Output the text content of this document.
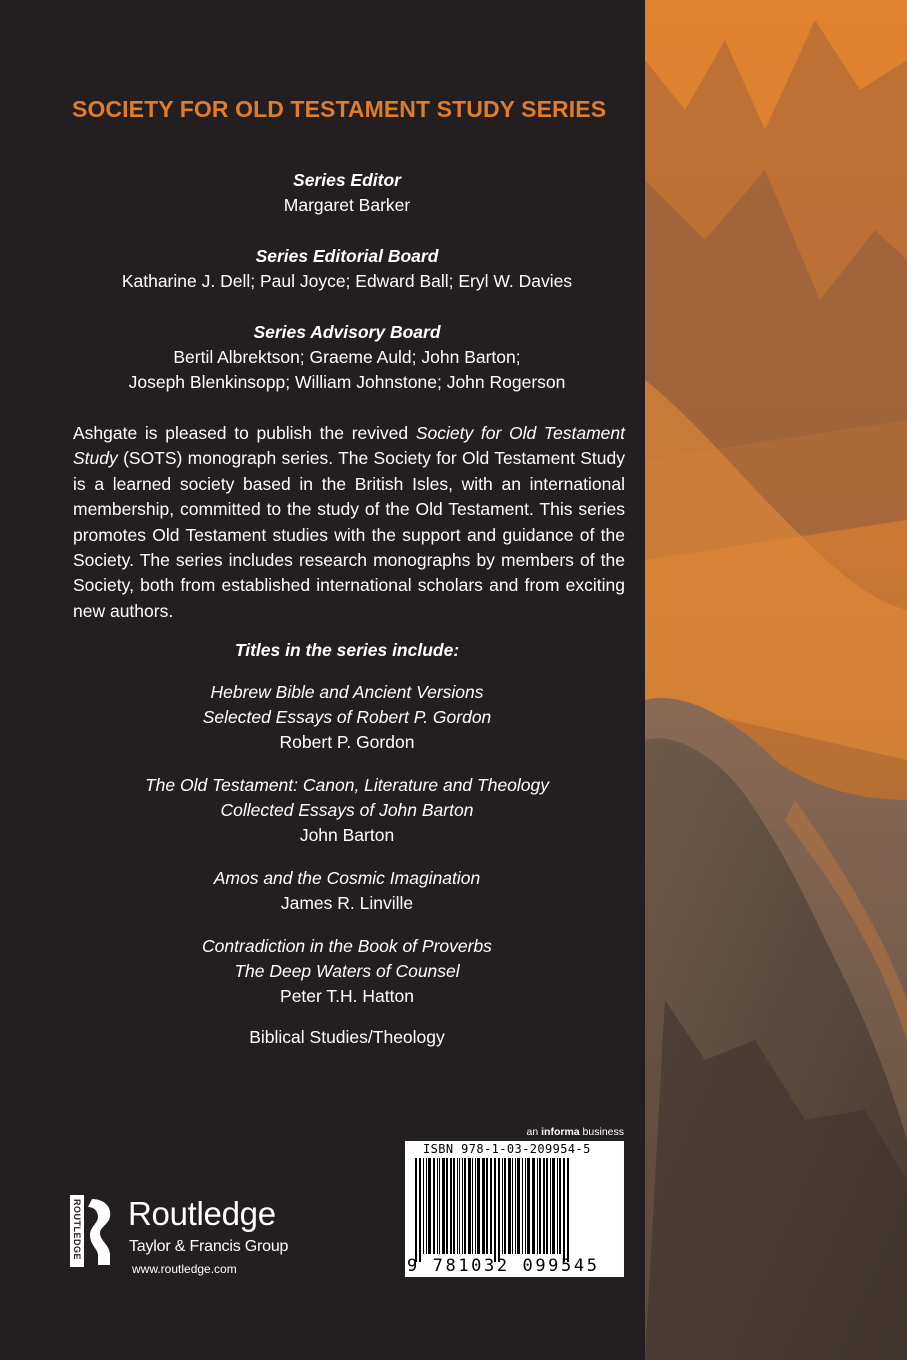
SOCIETY FOR OLD TESTAMENT STUDY SERIES
Series Editor
Margaret Barker
Series Editorial Board
Katharine J. Dell; Paul Joyce; Edward Ball; Eryl W. Davies
Series Advisory Board
Bertil Albrektson; Graeme Auld; John Barton;
Joseph Blenkinsopp; William Johnstone; John Rogerson
Ashgate is pleased to publish the revived Society for Old Testament Study (SOTS) monograph series. The Society for Old Testament Study is a learned society based in the British Isles, with an international membership, committed to the study of the Old Testament. This series promotes Old Testament studies with the support and guidance of the Society. The series includes research monographs by members of the Society, both from established international scholars and from exciting new authors.
Titles in the series include:
Hebrew Bible and Ancient Versions
Selected Essays of Robert P. Gordon
Robert P. Gordon
The Old Testament: Canon, Literature and Theology
Collected Essays of John Barton
John Barton
Amos and the Cosmic Imagination
James R. Linville
Contradiction in the Book of Proverbs
The Deep Waters of Counsel
Peter T.H. Hatton
Biblical Studies/Theology
ROUTLEDGE Routledge
Taylor & Francis Group
www.routledge.com
an informa business
ISBN 978-1-03-209954-5
9 781032 099545
